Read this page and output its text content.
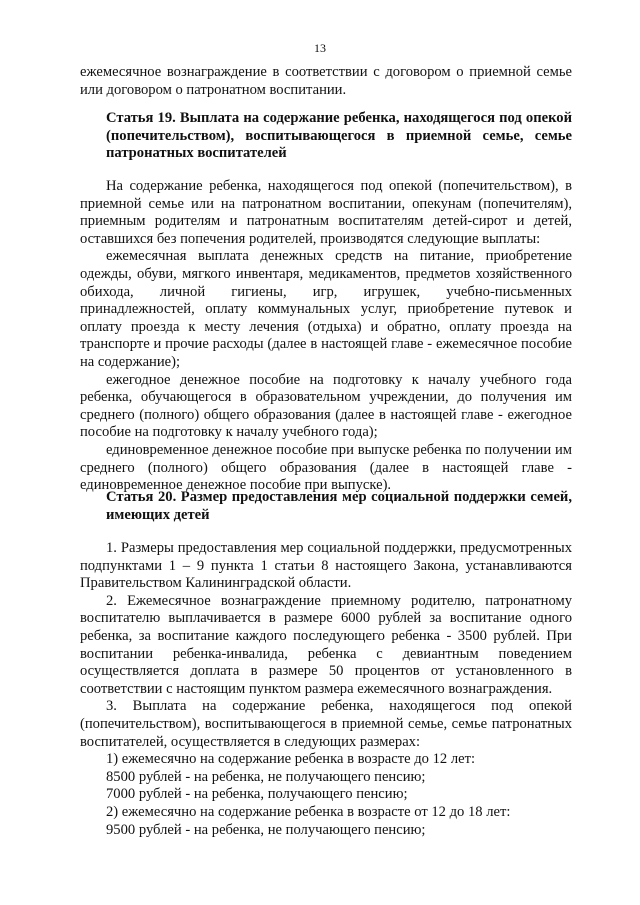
13

ежемесячное вознаграждение в соответствии с договором о приемной семье или договором о патронатном воспитании.

Статья 19. Выплата на содержание ребенка, находящегося под опекой
(попечительством), воспитывающегося в приемной семье, семье
патронатных воспитателей

На содержание ребенка, находящегося под опекой (попечительством), в приемной семье или на патронатном воспитании, опекунам (попечителям), приемным родителям и патронатным воспитателям детей-сирот и детей, оставшихся без попечения родителей, производятся следующие выплаты:

ежемесячная выплата денежных средств на питание, приобретение одежды, обуви, мягкого инвентаря, медикаментов, предметов хозяйственного обихода, личной гигиены, игр, игрушек, учебно-письменных принадлежностей, оплату коммунальных услуг, приобретение путевок и оплату проезда к месту лечения (отдыха) и обратно, оплату проезда на транспорте и прочие расходы (далее в настоящей главе - ежемесячное пособие на содержание);

ежегодное денежное пособие на подготовку к началу учебного года ребенка, обучающегося в образовательном учреждении, до получения им среднего (полного) общего образования (далее в настоящей главе - ежегодное пособие на подготовку к началу учебного года);

единовременное денежное пособие при выпуске ребенка по получении им среднего (полного) общего образования (далее в настоящей главе - единовременное денежное пособие при выпуске).

Статья 20. Размер предоставления мер социальной поддержки семей,
имеющих детей

1. Размеры предоставления мер социальной поддержки, предусмотренных подпунктами 1 – 9 пункта 1 статьи 8 настоящего Закона, устанавливаются Правительством Калининградской области.

2. Ежемесячное вознаграждение приемному родителю, патронатному воспитателю выплачивается в размере 6000 рублей за воспитание одного ребенка, за воспитание каждого последующего ребенка - 3500 рублей. При воспитании ребенка-инвалида, ребенка с девиантным поведением осуществляется доплата в размере 50 процентов от установленного в соответствии с настоящим пунктом размера ежемесячного вознаграждения.

3. Выплата на содержание ребенка, находящегося под опекой (попечительством), воспитывающегося в приемной семье, семье патронатных воспитателей, осуществляется в следующих размерах:

1) ежемесячно на содержание ребенка в возрасте до 12 лет:

8500 рублей - на ребенка, не получающего пенсию;

7000 рублей - на ребенка, получающего пенсию;

2) ежемесячно на содержание ребенка в возрасте от 12 до 18 лет:

9500 рублей - на ребенка, не получающего пенсию;
